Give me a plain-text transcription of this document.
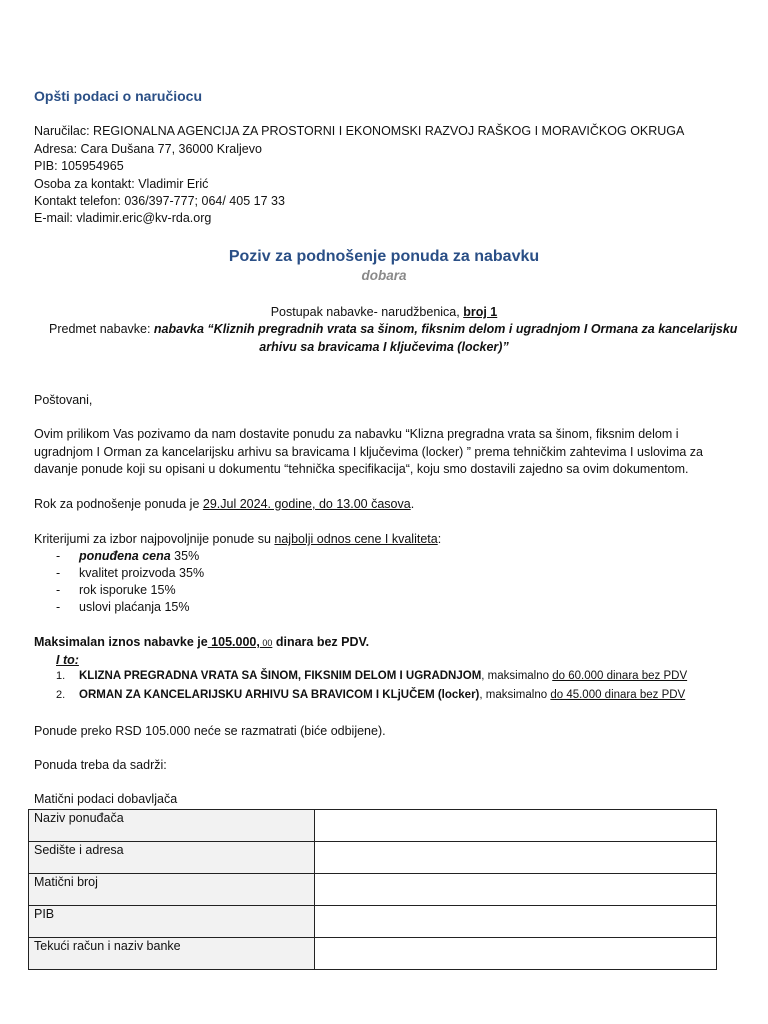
Opšti podaci o naručiocu
Naručilac: REGIONALNA AGENCIJA ZA PROSTORNI I EKONOMSKI RAZVOJ RAŠKOG I MORAVIČKOG OKRUGA
Adresa: Cara Dušana 77, 36000 Kraljevo
PIB: 105954965
Osoba za kontakt: Vladimir Erić
Kontakt telefon: 036/397-777; 064/ 405 17 33
E-mail: vladimir.eric@kv-rda.org
Poziv za podnošenje ponuda za nabavku
dobara
Postupak nabavke- narudžbenica, broj 1
Predmet nabavke: nabavka “Kliznih pregradnih vrata sa šinom, fiksnim delom i ugradnjom I Ormana za kancelarijsku
arhivu sa bravicama I ključevima (locker)”
Poštovani,
Ovim prilikom Vas pozivamo da nam dostavite ponudu za nabavku “Klizna pregradna vrata sa šinom, fiksnim delom i
ugradnjom I Orman za kancelarijsku arhivu sa bravicama I ključevima (locker) ” prema tehničkim zahtevima I uslovima za
davanje ponude koji su opisani u dokumentu “tehnička specifikacija“, koju smo dostavili zajedno sa ovim dokumentom.
Rok za podnošenje ponuda je 29.Jul 2024. godine, do 13.00 časova.
Kriterijumi za izbor najpovoljnije ponude su najbolji odnos cene I kvaliteta:
- ponuđena cena 35%
- kvalitet proizvoda 35%
- rok isporuke 15%
- uslovi plaćanja 15%
Maksimalan iznos nabavke je 105.000, 00 dinara bez PDV.
I to:
1. KLIZNA PREGRADNA VRATA SA ŠINOM, FIKSNIM DELOM I UGRADNJOM, maksimalno do 60.000 dinara bez PDV
2. ORMAN ZA KANCELARIJSKU ARHIVU SA BRAVICOM I KLjUČEM (locker), maksimalno do 45.000 dinara bez PDV
Ponude preko RSD 105.000 neće se razmatrati (biće odbijene).
Ponuda treba da sadrži:
Matični podaci dobavljača
Naziv ponuđača	
Sedište i adresa	
Matični broj	
PIB	
Tekući račun i naziv banke	
